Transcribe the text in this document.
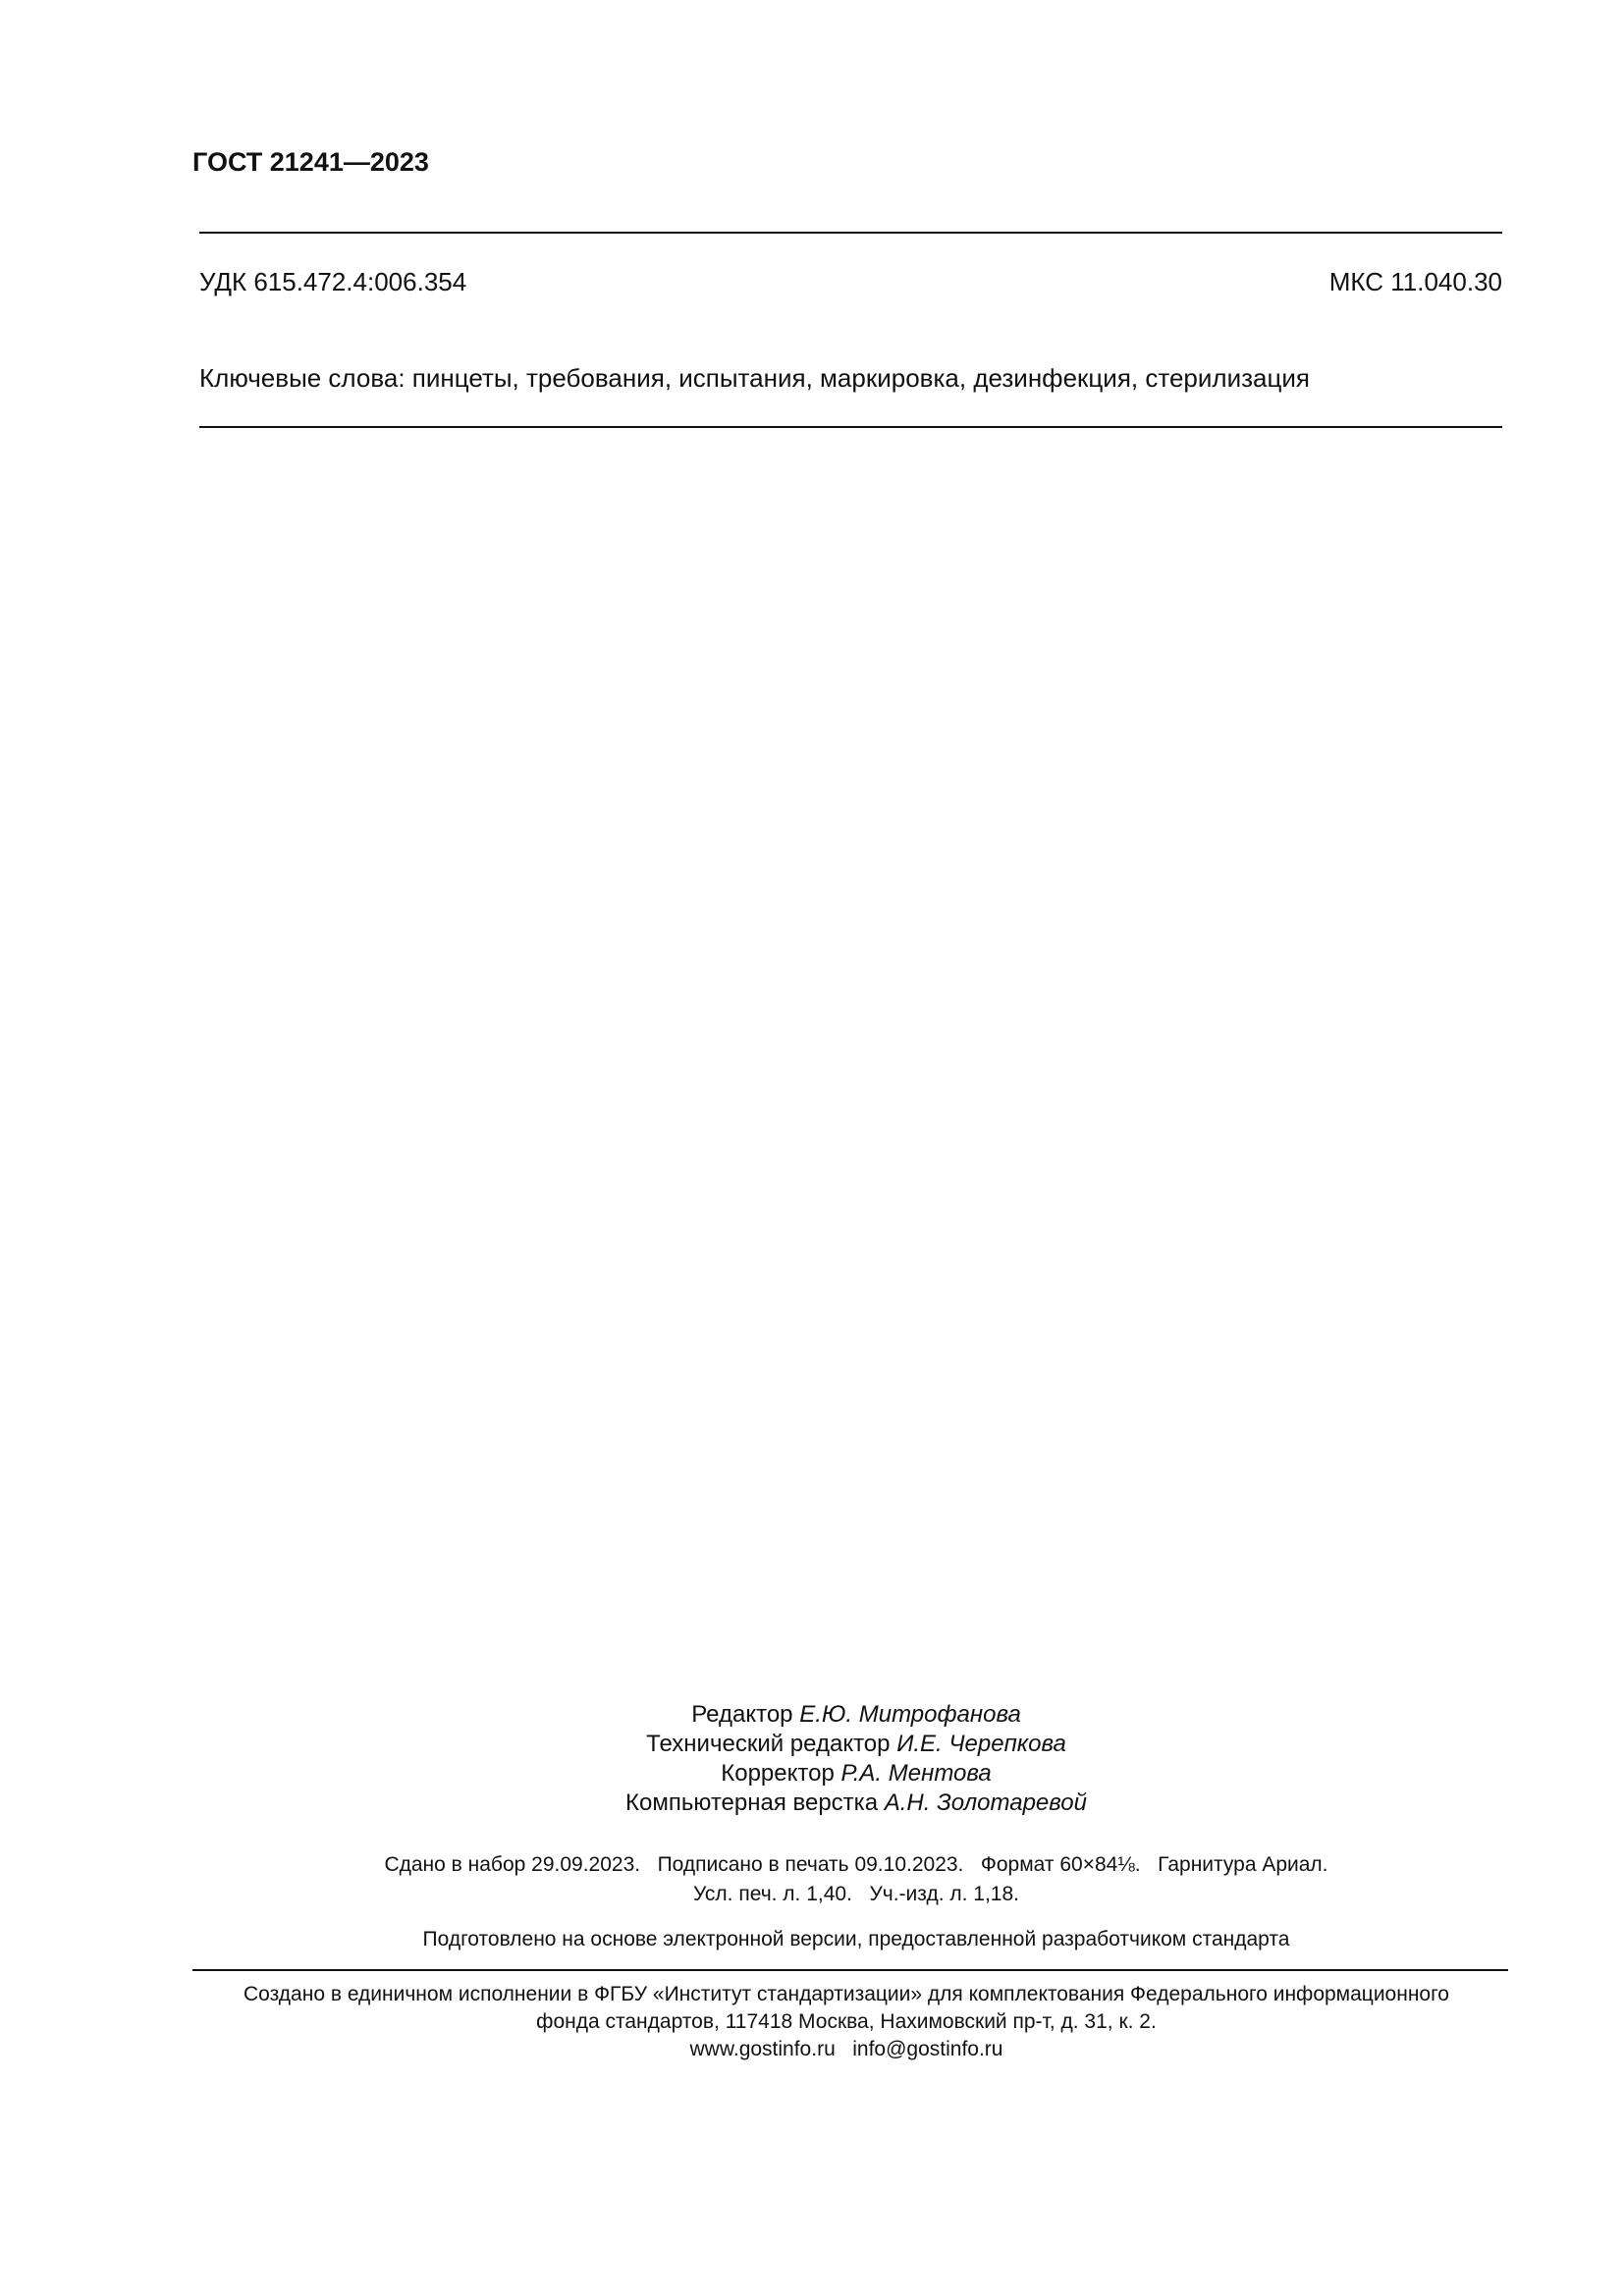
ГОСТ 21241—2023
УДК 615.472.4:006.354	МКС 11.040.30
Ключевые слова: пинцеты, требования, испытания, маркировка, дезинфекция, стерилизация
Редактор Е.Ю. Митрофанова
Технический редактор И.Е. Черепкова
Корректор Р.А. Ментова
Компьютерная верстка А.Н. Золотаревой
Сдано в набор 29.09.2023.   Подписано в печать 09.10.2023.   Формат 60×84⅛.   Гарнитура Ариал.
Усл. печ. л. 1,40.   Уч.-изд. л. 1,18.
Подготовлено на основе электронной версии, предоставленной разработчиком стандарта
Создано в единичном исполнении в ФГБУ «Институт стандартизации» для комплектования Федерального информационного
фонда стандартов, 117418 Москва, Нахимовский пр-т, д. 31, к. 2.
www.gostinfo.ru   info@gostinfo.ru
